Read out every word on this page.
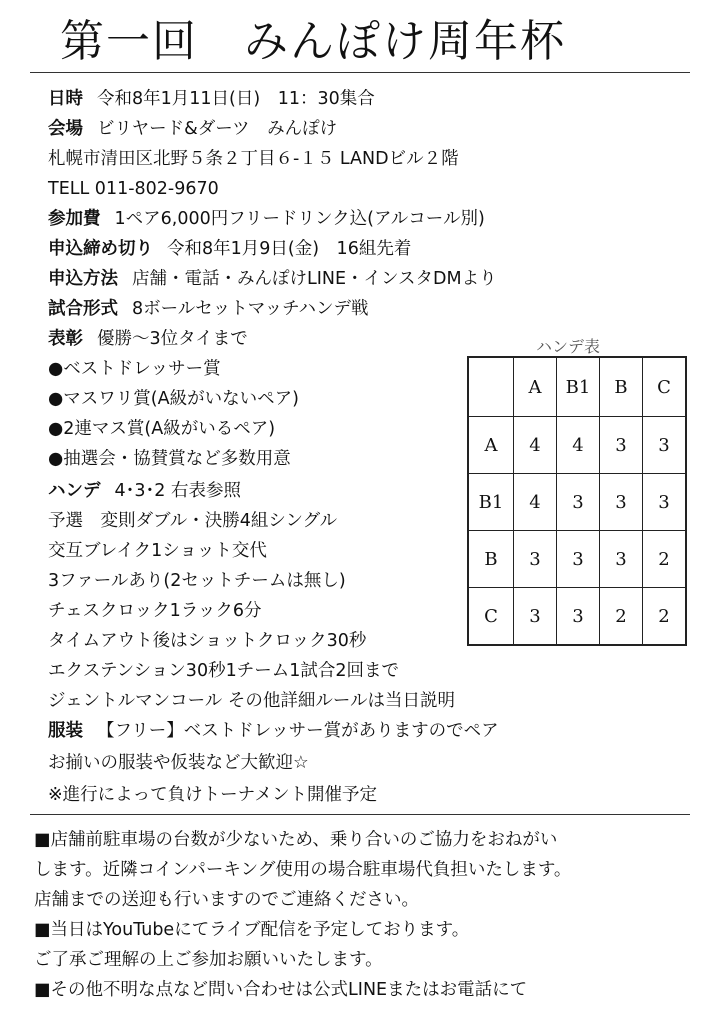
第一回　みんぽけ周年杯
日時 令和8年1月11日(日)　11：30集合
会場 ビリヤード&ダーツ　みんぽけ
札幌市清田区北野５条２丁目６-１５ LANDビル２階
TELL 011-802-9670
参加費 1ペア6,000円フリードリンク込(アルコール別)
申込締め切り 令和8年1月9日(金)　16組先着
申込方法 店舗・電話・みんぽけLINE・インスタDMより
試合形式 8ボールセットマッチハンデ戦
表彰 優勝～3位タイまで
●ベストドレッサー賞
●マスワリ賞(A級がいないペア)
●2連マス賞(A級がいるペア)
●抽選会・協賛賞など多数用意
ハンデ 4･3･2 右表参照
予選　変則ダブル・決勝4組シングル
交互ブレイク1ショット交代
3ファールあり(2セットチームは無し)
チェスクロック1ラック6分
タイムアウト後はショットクロック30秒
エクステンション30秒1チーム1試合2回まで
ジェントルマンコール その他詳細ルールは当日説明
服装 【フリー】ベストドレッサー賞がありますのでペア
お揃いの服装や仮装など大歓迎☆
※進行によって負けトーナメント開催予定
ハンデ表
	A	B1	B	C
A	4	4	3	3
B1	4	3	3	3
B	3	3	3	2
C	3	3	2	2
■店舗前駐車場の台数が少ないため、乗り合いのご協力をおねがい
します。近隣コインパーキング使用の場合駐車場代負担いたします。
店舗までの送迎も行いますのでご連絡ください。
■当日はYouTubeにてライブ配信を予定しております。
ご了承ご理解の上ご参加お願いいたします。
■その他不明な点など問い合わせは公式LINEまたはお電話にて
